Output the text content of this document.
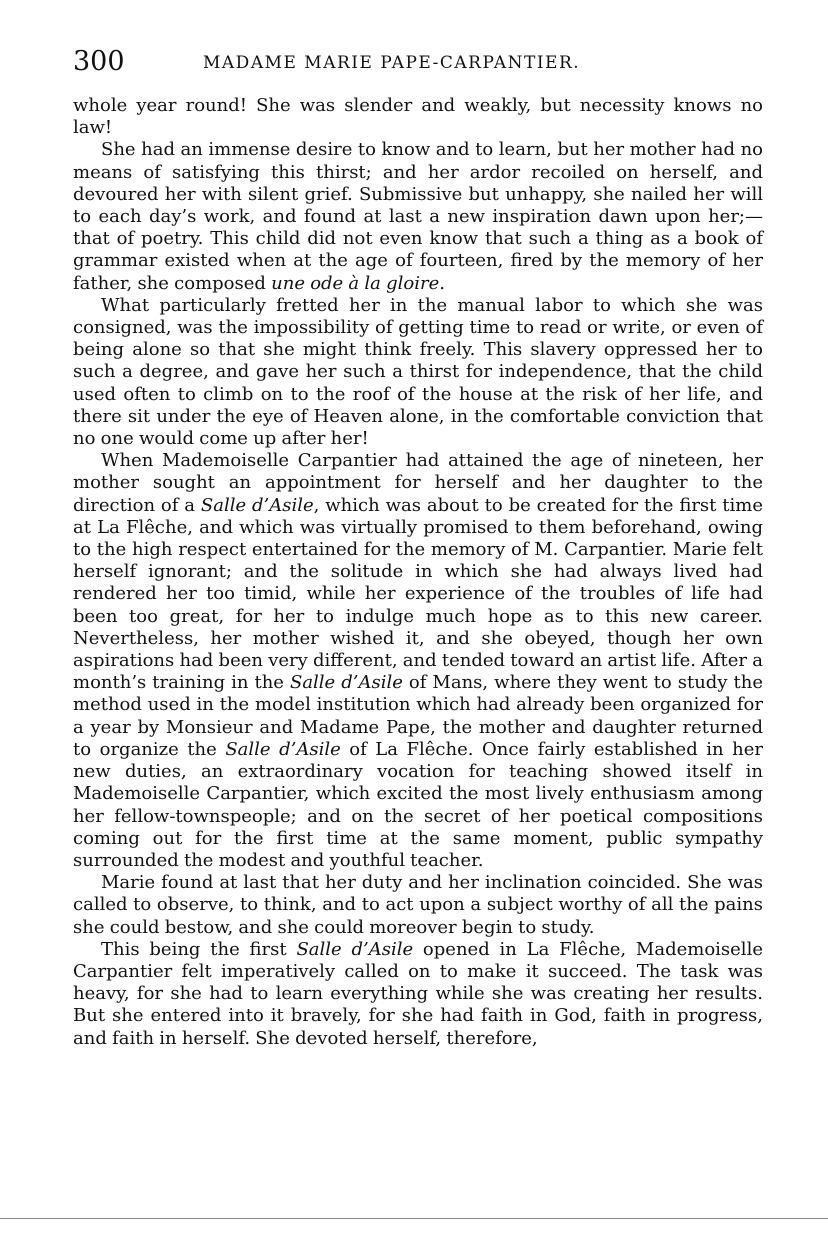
300	MADAME MARIE PAPE-CARPANTIER.

whole year round! She was slender and weakly, but necessity knows no law!

She had an immense desire to know and to learn, but her mother had no means of satisfying this thirst; and her ardor recoiled on herself, and devoured her with silent grief. Submissive but unhappy, she nailed her will to each day’s work, and found at last a new inspiration dawn upon her;—that of poetry. This child did not even know that such a thing as a book of grammar existed when at the age of fourteen, fired by the memory of her father, she composed une ode à la gloire.

What particularly fretted her in the manual labor to which she was consigned, was the impossibility of getting time to read or write, or even of being alone so that she might think freely. This slavery oppressed her to such a degree, and gave her such a thirst for independence, that the child used often to climb on to the roof of the house at the risk of her life, and there sit under the eye of Heaven alone, in the comfortable conviction that no one would come up after her!

When Mademoiselle Carpantier had attained the age of nineteen, her mother sought an appointment for herself and her daughter to the direction of a Salle d’Asile, which was about to be created for the first time at La Flêche, and which was virtually promised to them beforehand, owing to the high respect entertained for the memory of M. Carpantier. Marie felt herself ignorant; and the solitude in which she had always lived had rendered her too timid, while her experience of the troubles of life had been too great, for her to indulge much hope as to this new career. Nevertheless, her mother wished it, and she obeyed, though her own aspirations had been very different, and tended toward an artist life. After a month’s training in the Salle d’Asile of Mans, where they went to study the method used in the model institution which had already been organized for a year by Monsieur and Madame Pape, the mother and daughter returned to organize the Salle d’Asile of La Flêche. Once fairly established in her new duties, an extraordinary vocation for teaching showed itself in Mademoiselle Carpantier, which excited the most lively enthusiasm among her fellow-townspeople; and on the secret of her poetical compositions coming out for the first time at the same moment, public sympathy surrounded the modest and youthful teacher.

Marie found at last that her duty and her inclination coincided. She was called to observe, to think, and to act upon a subject worthy of all the pains she could bestow, and she could moreover begin to study.

This being the first Salle d’Asile opened in La Flêche, Mademoiselle Carpantier felt imperatively called on to make it succeed. The task was heavy, for she had to learn everything while she was creating her results. But she entered into it bravely, for she had faith in God, faith in progress, and faith in herself. She devoted herself, therefore,
